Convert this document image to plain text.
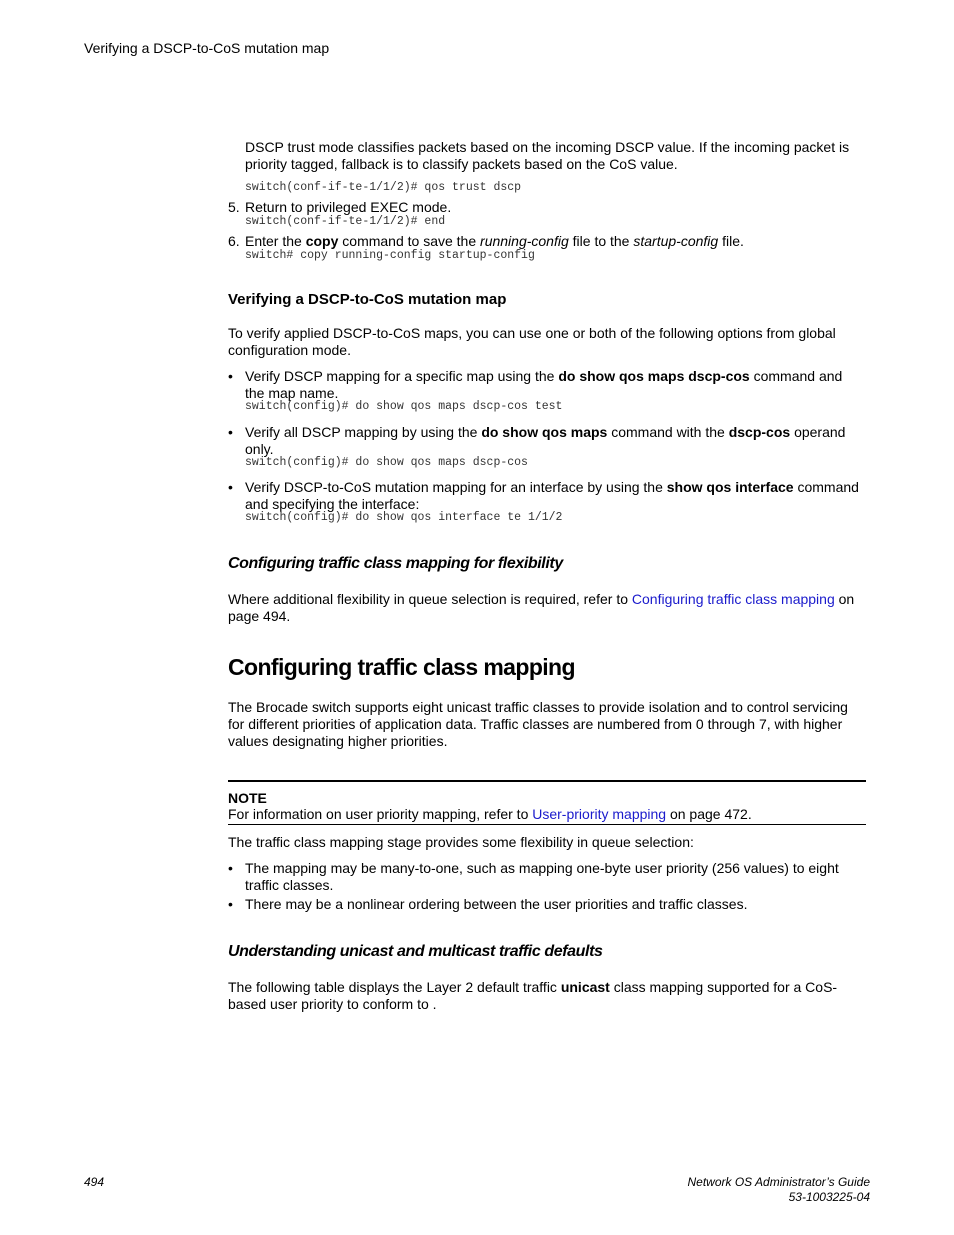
Verifying a DSCP-to-CoS mutation map
DSCP trust mode classifies packets based on the incoming DSCP value. If the incoming packet is priority tagged, fallback is to classify packets based on the CoS value.
switch(conf-if-te-1/1/2)# qos trust dscp
5. Return to privileged EXEC mode.
switch(conf-if-te-1/1/2)# end
6. Enter the copy command to save the running-config file to the startup-config file.
switch# copy running-config startup-config
Verifying a DSCP-to-CoS mutation map
To verify applied DSCP-to-CoS maps, you can use one or both of the following options from global configuration mode.
• Verify DSCP mapping for a specific map using the do show qos maps dscp-cos command and the map name.
switch(config)# do show qos maps dscp-cos test
• Verify all DSCP mapping by using the do show qos maps command with the dscp-cos operand only.
switch(config)# do show qos maps dscp-cos
• Verify DSCP-to-CoS mutation mapping for an interface by using the show qos interface command and specifying the interface:
switch(config)# do show qos interface te 1/1/2
Configuring traffic class mapping for flexibility
Where additional flexibility in queue selection is required, refer to Configuring traffic class mapping on page 494.
Configuring traffic class mapping
The Brocade switch supports eight unicast traffic classes to provide isolation and to control servicing for different priorities of application data. Traffic classes are numbered from 0 through 7, with higher values designating higher priorities.
NOTE
For information on user priority mapping, refer to User-priority mapping on page 472.
The traffic class mapping stage provides some flexibility in queue selection:
• The mapping may be many-to-one, such as mapping one-byte user priority (256 values) to eight traffic classes.
• There may be a nonlinear ordering between the user priorities and traffic classes.
Understanding unicast and multicast traffic defaults
The following table displays the Layer 2 default traffic unicast class mapping supported for a CoS-based user priority to conform to .
494	Network OS Administrator’s Guide
53-1003225-04
